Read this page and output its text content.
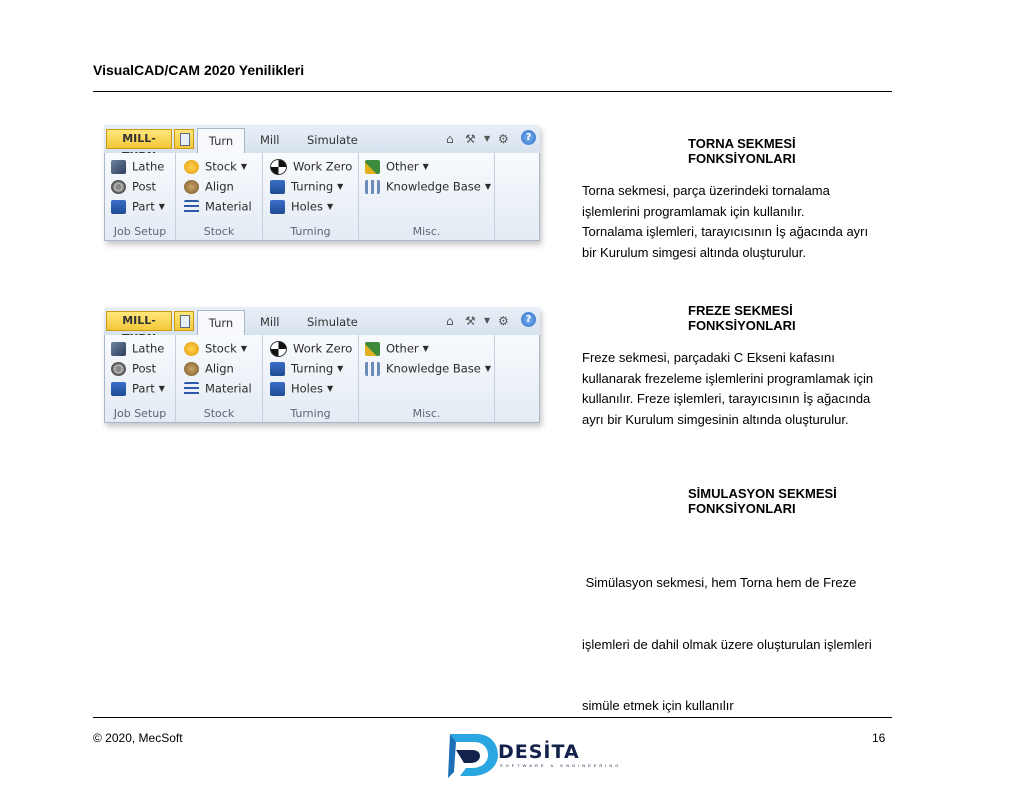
VisualCAD/CAM 2020 Yenilikleri
MILL-	Turn	Mill Simulate	⌂ ⚒ ▼ ⚙	?
Lathe
Post
Part ▼
Job Setup
Stock ▼
Align
Material
Stock
Work Zero
Turning ▼
Holes ▼
Turning
Other ▼
Knowledge Base ▼
Misc.
MILL-	Turn	Mill Simulate	⌂ ⚒ ▼ ⚙	?
Lathe
Post
Part ▼
Job Setup
Stock ▼
Align
Material
Stock
Work Zero
Turning ▼
Holes ▼
Turning
Other ▼
Knowledge Base ▼
Misc.
TORNA SEKMESİ
FONKSİYONLARI
Torna sekmesi, parça üzerindeki tornalama
işlemlerini programlamak için kullanılır.
Tornalama işlemleri, tarayıcısının İş ağacında ayrı
bir Kurulum simgesi altında oluşturulur.
FREZE SEKMESİ
FONKSİYONLARI
Freze sekmesi, parçadaki C Ekseni kafasını
kullanarak frezeleme işlemlerini programlamak için
kullanılır. Freze işlemleri, tarayıcısının İş ağacında
ayrı bir Kurulum simgesinin altında oluşturulur.
SİMULASYON SEKMESİ
FONKSİYONLARI

Simülasyon sekmesi, hem Torna hem de Freze

işlemleri de dahil olmak üzere oluşturulan işlemleri

simüle etmek için kullanılır

© 2020, MecSoft	16
DESİTA
SOFTWARE & ENGINEERING
